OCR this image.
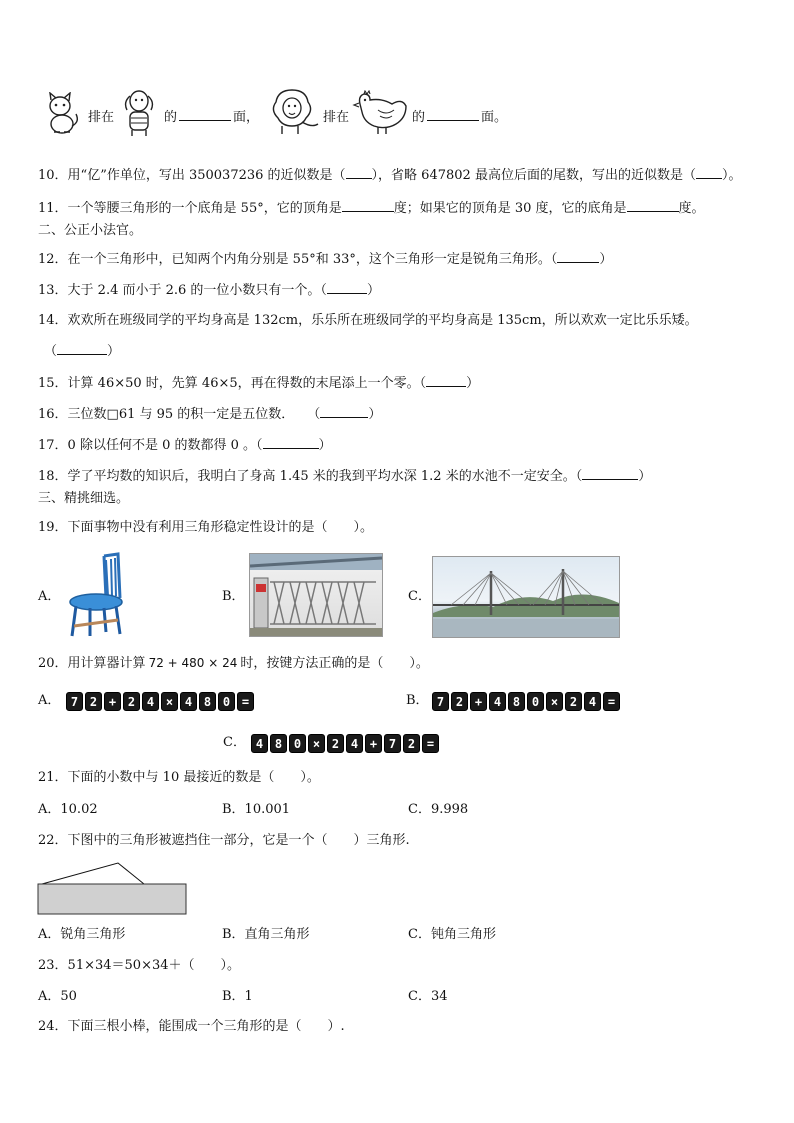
排在	的	面，	排在	的	面。
10．用“亿”作单位，写出 350037236 的近似数是（ ），省略 647802 最高位后面的尾数，写出的近似数是（ ）。
11．一个等腰三角形的一个底角是 55°，它的顶角是	度；如果它的顶角是 30 度，它的底角是	度。
二、公正小法官。
12．在一个三角形中，已知两个内角分别是 55°和 33°，这个三角形一定是锐角三角形。（	）
13．大于 2.4 而小于 2.6 的一位小数只有一个。（	）
14．欢欢所在班级同学的平均身高是 132cm，乐乐所在班级同学的平均身高是 135cm，所以欢欢一定比乐乐矮。
（	）
15．计算 46×50 时，先算 46×5，再在得数的末尾添上一个零。（	）
16．三位数□61 与 95 的积一定是五位数．　　（	）
17．0 除以任何不是 0 的数都得 0 。（	）
18．学了平均数的知识后，我明白了身高 1.45 米的我到平均水深 1.2 米的水池不一定安全。（	）
三、精挑细选。
19．下面事物中没有利用三角形稳定性设计的是（　　）。
A．	B．	C．
20．用计算器计算 72 + 480 × 24 时，按键方法正确的是（　　）。
A． 7 2 + 2 4 × 4 8 0 =	B． 7 2 + 4 8 0 × 2 4 =
C． 4 8 0 × 2 4 + 7 2 =
21．下面的小数中与 10 最接近的数是（　　）。
A．10.02	B．10.001	C．9.998
22．下图中的三角形被遮挡住一部分，它是一个（　　）三角形.
A．锐角三角形	B．直角三角形	C．钝角三角形
23．51×34＝50×34＋（　　）。
A．50	B．1	C．34
24．下面三根小棒，能围成一个三角形的是（　　）.
